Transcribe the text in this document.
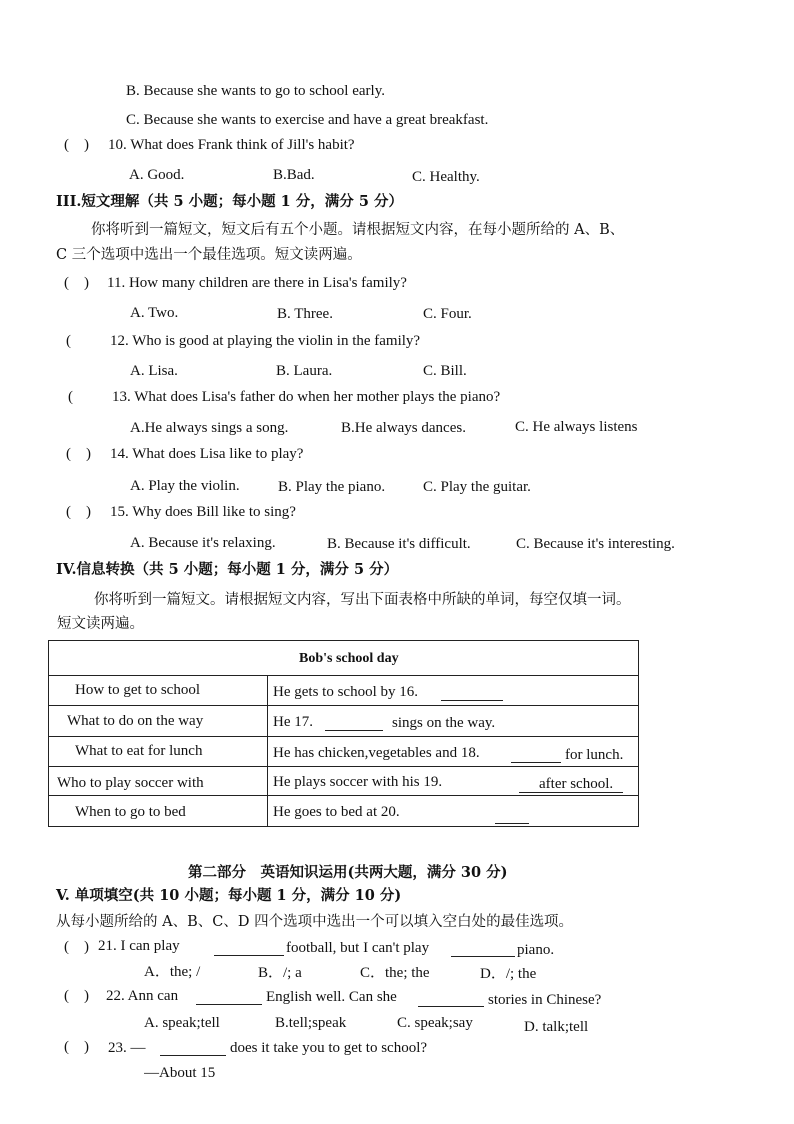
B. Because she wants to go to school early.
C. Because she wants to exercise and have a great breakfast.
(　) 10. What does Frank think of Jill's habit?
A. Good.	B.Bad.	C. Healthy.
III.短文理解（共 5 小题；每小题 1 分，满分 5 分）
你将听到一篇短文，短文后有五个小题。请根据短文内容，在每小题所给的 A、B、
C 三个选项中选出一个最佳选项。短文读两遍。
(　) 11. How many children are there in Lisa's family?
A. Two.	B. Three.	C. Four.
(	12. Who is good at playing the violin in the family?
A. Lisa.	B. Laura.	C. Bill.
(	13. What does Lisa's father do when her mother plays the piano?
A.He always sings a song.	B.He always dances.	C. He always listens
(　) 14. What does Lisa like to play?
A. Play the violin.	B. Play the piano.	C. Play the guitar.
(　) 15. Why does Bill like to sing?
A. Because it's relaxing.	B. Because it's difficult.	C. Because it's interesting.
IV.信息转换（共 5 小题；每小题 1 分，满分 5 分）
你将听到一篇短文。请根据短文内容，写出下面表格中所缺的单词，每空仅填一词。
短文读两遍。
Bob's school day
How to get to school	He gets to school by 16.
What to do on the way	He 17.	sings on the way.
What to eat for lunch	He has chicken,vegetables and 18.	for lunch.
Who to play soccer with	He plays soccer with his 19.	after school.
When to go to bed	He goes to bed at 20.
第二部分　英语知识运用(共两大题，满分 30 分)
V. 单项填空(共 10 小题；每小题 1 分，满分 10 分)
从每小题所给的 A、B、C、D 四个选项中选出一个可以填入空白处的最佳选项。
(　) 21. I can play	football, but I can't play	piano.
A．the; /	B．/; a	C．the; the	D．/; the
(　) 22. Ann can	English well. Can she	stories in Chinese?
A. speak;tell	B.tell;speak	C. speak;say	D. talk;tell
(　) 23. —	does it take you to get to school?
—About 15
